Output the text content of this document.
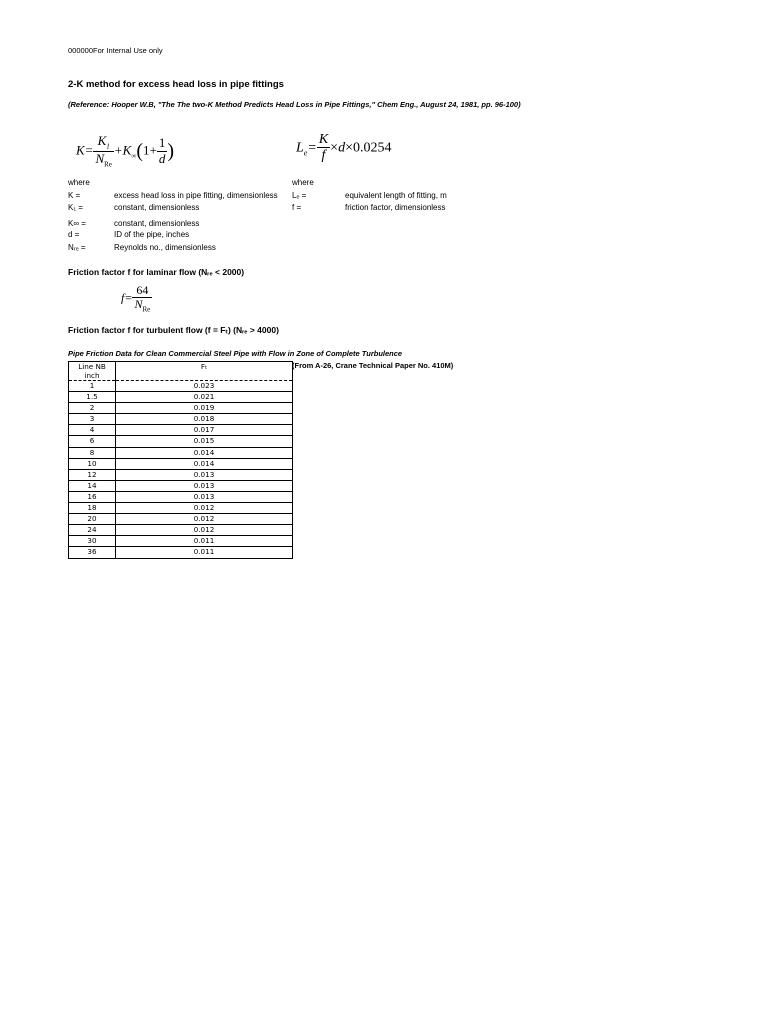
000000For Internal Use only
2-K method for excess head loss in pipe fittings
(Reference: Hooper W.B, "The The two-K Method Predicts Head Loss in Pipe Fittings," Chem Eng., August 24, 1981, pp. 96-100)
$K= \frac{K_1}{N_{Re}} +K_\infty(1+ \frac{1}{d}$ )	$L_e= \frac{K}{f} \times d\times 0.0254$
where	where
K =	excess head loss in pipe fitting, dimensionless
K₁ =	constant, dimensionless
K∞ =	constant, dimensionless
d =	ID of the pipe, inches
Nᵣₑ =	Reynolds no., dimensionless
Lₑ =	equivalent length of fitting, m
f =	friction factor, dimensionless
Friction factor f for laminar flow (Nᵣₑ < 2000)
$f= \frac{64}{N_{Re}}$
Friction factor f for turbulent flow (f = Fₜ) (Nᵣₑ > 4000)
Pipe Friction Data for Clean Commercial Steel Pipe with Flow in Zone of Complete Turbulence
(From A-26, Crane Technical Paper No. 410M)
Line NB
inch	Fₜ
1	0.023
1.5	0.021
2	0.019
3	0.018
4	0.017
6	0.015
8	0.014
10	0.014
12	0.013
14	0.013
16	0.013
18	0.012
20	0.012
24	0.012
30	0.011
36	0.011
